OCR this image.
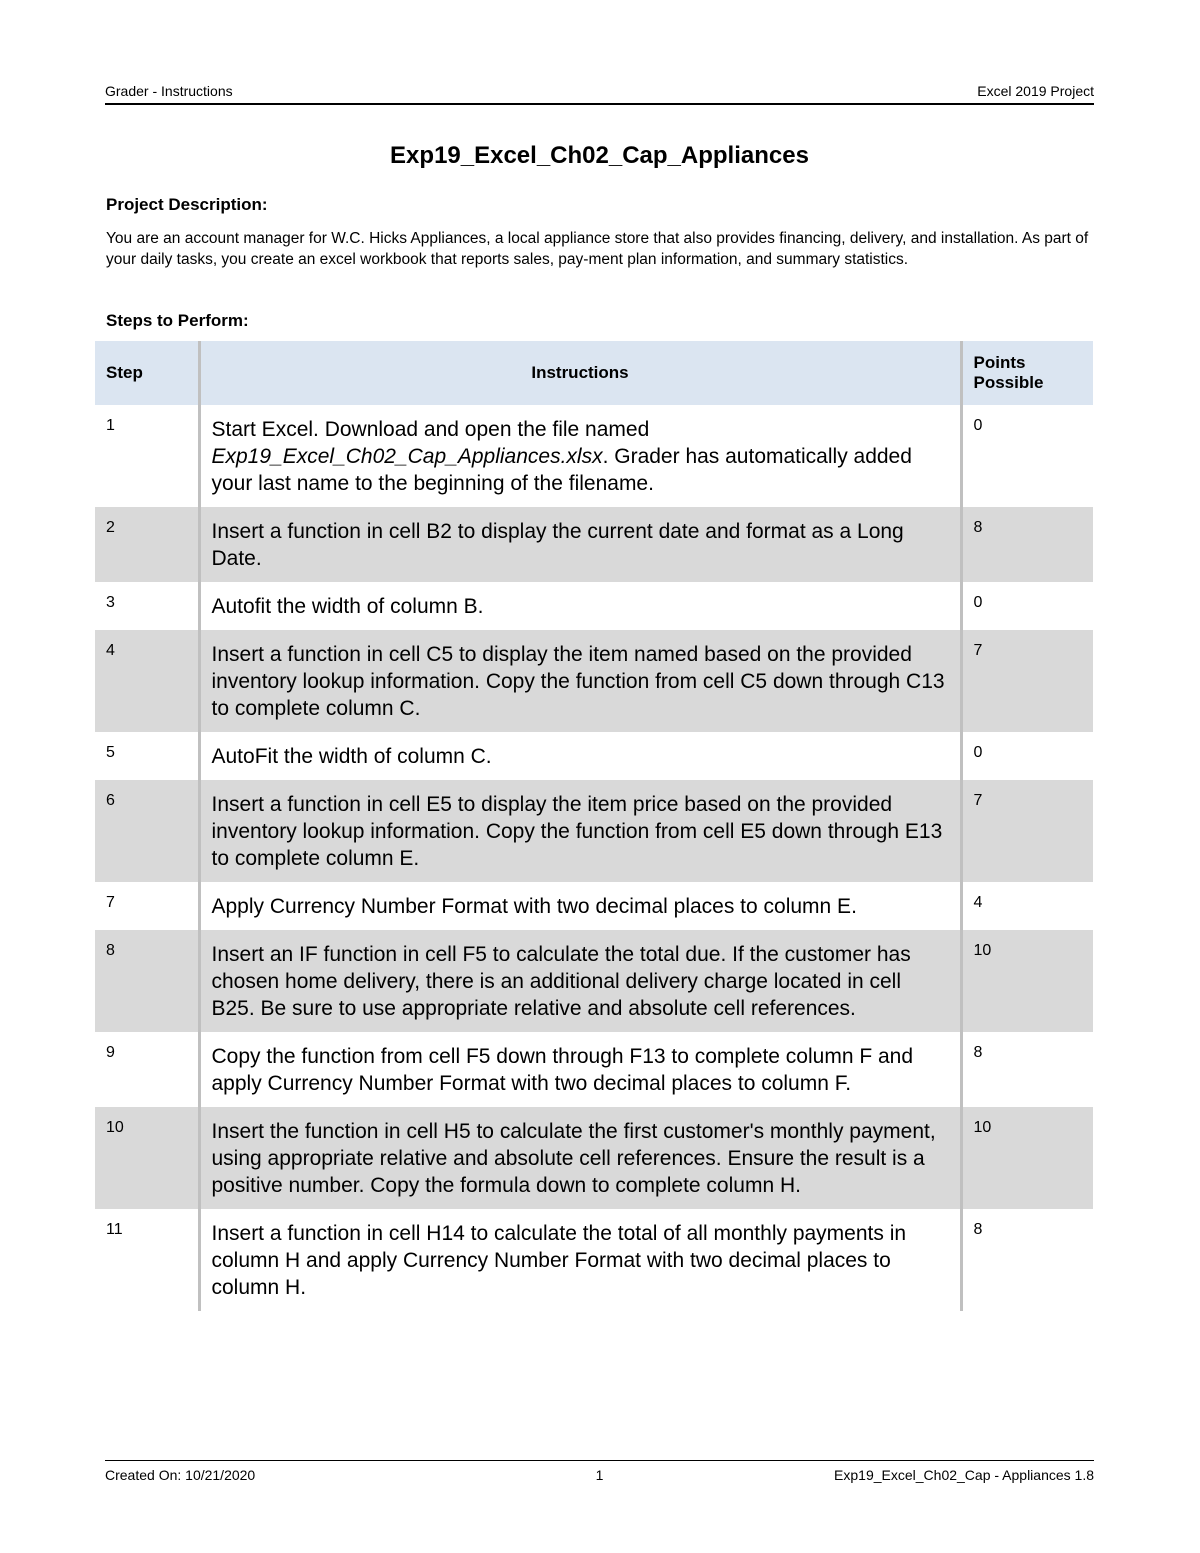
Grader - Instructions	Excel 2019 Project
Exp19_Excel_Ch02_Cap_Appliances
Project Description:
You are an account manager for W.C. Hicks Appliances, a local appliance store that also provides financing, delivery, and installation. As part of your daily tasks, you create an excel workbook that reports sales, pay-ment plan information, and summary statistics.
Steps to Perform:
Step	Instructions	Points Possible
1	Start Excel. Download and open the file named Exp19_Excel_Ch02_Cap_Appliances.xlsx. Grader has automatically added your last name to the beginning of the filename.	0
2	Insert a function in cell B2 to display the current date and format as a Long Date.	8
3	Autofit the width of column B.	0
4	Insert a function in cell C5 to display the item named based on the provided inventory lookup information. Copy the function from cell C5 down through C13 to complete column C.	7
5	AutoFit the width of column C.	0
6	Insert a function in cell E5 to display the item price based on the provided inventory lookup information. Copy the function from cell E5 down through E13 to complete column E.	7
7	Apply Currency Number Format with two decimal places to column E.	4
8	Insert an IF function in cell F5 to calculate the total due. If the customer has chosen home delivery, there is an additional delivery charge located in cell B25. Be sure to use appropriate relative and absolute cell references.	10
9	Copy the function from cell F5 down through F13 to complete column F and apply Currency Number Format with two decimal places to column F.	8
10	Insert the function in cell H5 to calculate the first customer's monthly payment, using appropriate relative and absolute cell references. Ensure the result is a positive number. Copy the formula down to complete column H.	10
11	Insert a function in cell H14 to calculate the total of all monthly payments in column H and apply Currency Number Format with two decimal places to column H.	8
Created On: 10/21/2020	1	Exp19_Excel_Ch02_Cap - Appliances 1.8
